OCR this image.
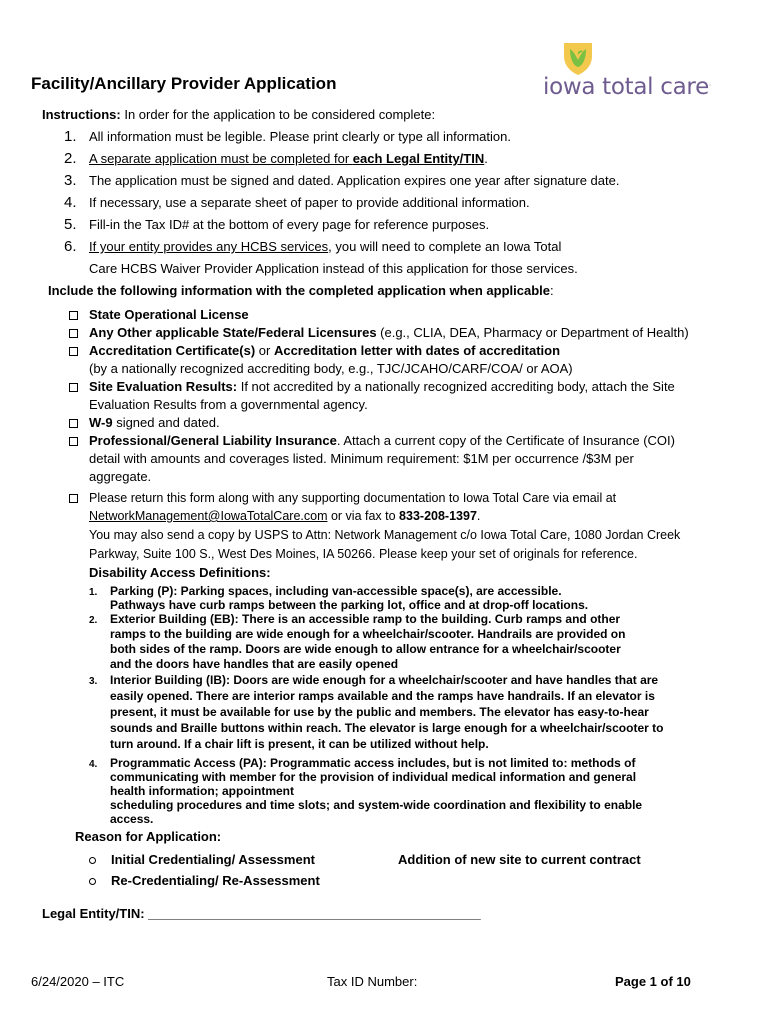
iowa total care.
Facility/Ancillary Provider Application
Instructions: In order for the application to be considered complete:
1. All information must be legible. Please print clearly or type all information.
2. A separate application must be completed for each Legal Entity/TIN.
3. The application must be signed and dated. Application expires one year after signature date.
4. If necessary, use a separate sheet of paper to provide additional information.
5. Fill-in the Tax ID# at the bottom of every page for reference purposes.
6. If your entity provides any HCBS services, you will need to complete an Iowa Total
Care HCBS Waiver Provider Application instead of this application for those services.
Include the following information with the completed application when applicable:
State Operational License
Any Other applicable State/Federal Licensures (e.g., CLIA, DEA, Pharmacy or Department of Health)
Accreditation Certificate(s) or Accreditation letter with dates of accreditation
(by a nationally recognized accrediting body, e.g., TJC/JCAHO/CARF/COA/ or AOA)
Site Evaluation Results: If not accredited by a nationally recognized accrediting body, attach the Site
Evaluation Results from a governmental agency.
W-9 signed and dated.
Professional/General Liability Insurance. Attach a current copy of the Certificate of Insurance (COI)
detail with amounts and coverages listed. Minimum requirement: $1M per occurrence /$3M per
aggregate.
Please return this form along with any supporting documentation to Iowa Total Care via email at
NetworkManagement@IowaTotalCare.com or via fax to 833-208-1397.
You may also send a copy by USPS to Attn: Network Management c/o Iowa Total Care, 1080 Jordan Creek
Parkway, Suite 100 S., West Des Moines, IA 50266. Please keep your set of originals for reference.
Disability Access Definitions:
1. Parking (P): Parking spaces, including van-accessible space(s), are accessible.
Pathways have curb ramps between the parking lot, office and at drop-off locations.
2. Exterior Building (EB): There is an accessible ramp to the building. Curb ramps and other
ramps to the building are wide enough for a wheelchair/scooter. Handrails are provided on
both sides of the ramp. Doors are wide enough to allow entrance for a wheelchair/scooter
and the doors have handles that are easily opened
3. Interior Building (IB): Doors are wide enough for a wheelchair/scooter and have handles that are
easily opened. There are interior ramps available and the ramps have handrails. If an elevator is
present, it must be available for use by the public and members. The elevator has easy-to-hear
sounds and Braille buttons within reach. The elevator is large enough for a wheelchair/scooter to
turn around. If a chair lift is present, it can be utilized without help.
4. Programmatic Access (PA): Programmatic access includes, but is not limited to: methods of
communicating with member for the provision of individual medical information and general
health information; appointment
scheduling procedures and time slots; and system-wide coordination and flexibility to enable
access.
Reason for Application:
Initial Credentialing/ Assessment	Addition of new site to current contract
Re-Credentialing/ Re-Assessment
Legal Entity/TIN: ______________________________________________
6/24/2020 – ITC	Tax ID Number:	Page 1 of 10
